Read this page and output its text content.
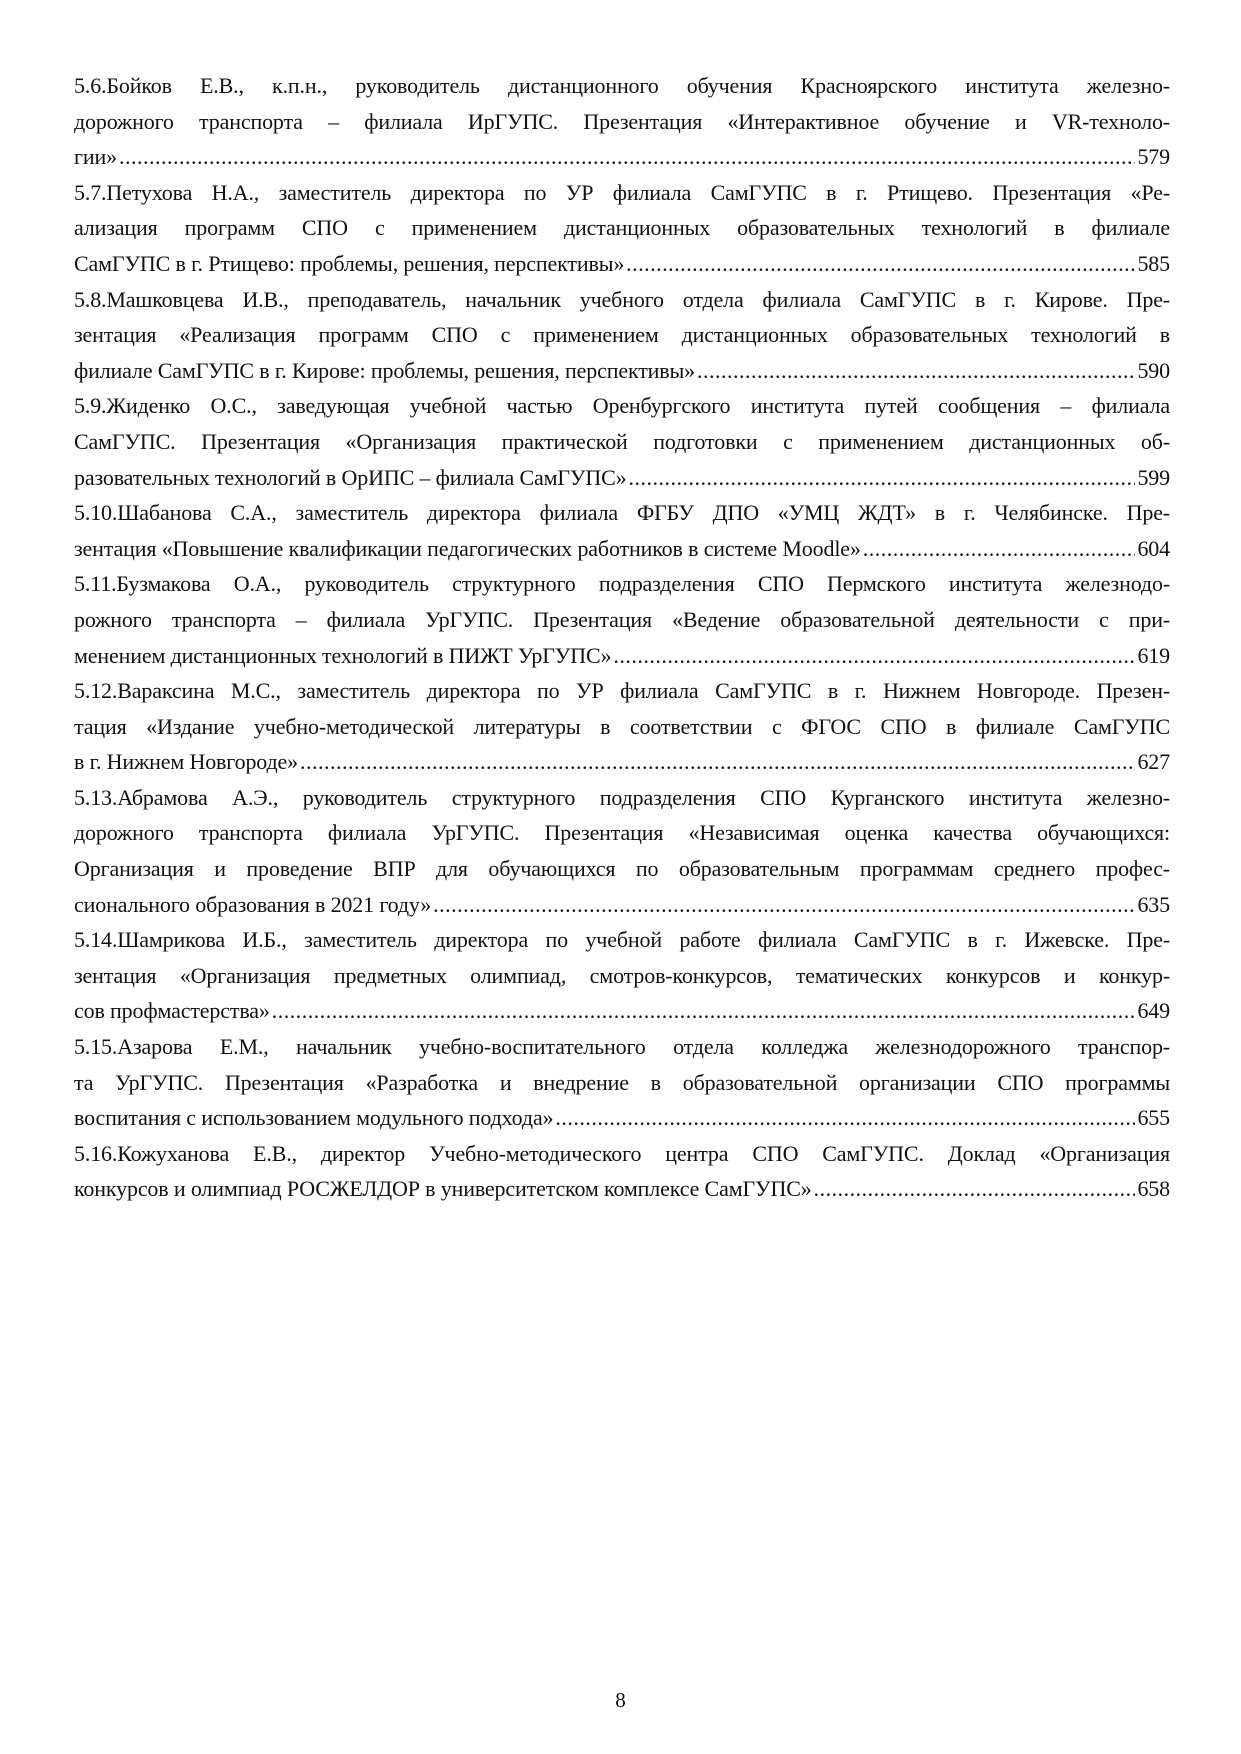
5.6.Бойков Е.В., к.п.н., руководитель дистанционного обучения Красноярского института железно-
дорожного транспорта – филиала ИрГУПС. Презентация «Интерактивное обучение и VR-техноло-
гии» .....	579
5.7.Петухова Н.А., заместитель директора по УР филиала СамГУПС в г. Ртищево. Презентация «Ре-
ализация программ СПО с применением дистанционных образовательных технологий в филиале
СамГУПС в г. Ртищево: проблемы, решения, перспективы» .....	585
5.8.Машковцева И.В., преподаватель, начальник учебного отдела филиала СамГУПС в г. Кирове. Пре-
зентация «Реализация программ СПО с применением дистанционных образовательных технологий в
филиале СамГУПС в г. Кирове: проблемы, решения, перспективы» .....	590
5.9.Жиденко О.С., заведующая учебной частью Оренбургского института путей сообщения – филиала
СамГУПС. Презентация «Организация практической подготовки с применением дистанционных об-
разовательных технологий в ОрИПС – филиала СамГУПС» .....	599
5.10.Шабанова С.А., заместитель директора филиала ФГБУ ДПО «УМЦ ЖДТ» в г. Челябинске. Пре-
зентация «Повышение квалификации педагогических работников в системе Moodle» .....	604
5.11.Бузмакова О.А., руководитель структурного подразделения СПО Пермского института железнодо-
рожного транспорта – филиала УрГУПС. Презентация «Ведение образовательной деятельности с при-
менением дистанционных технологий в ПИЖТ УрГУПС» .....	619
5.12.Вараксина М.С., заместитель директора по УР филиала СамГУПС в г. Нижнем Новгороде. Презен-
тация «Издание учебно-методической литературы в соответствии с ФГОС СПО в филиале СамГУПС
в г. Нижнем Новгороде» .....	627
5.13.Абрамова А.Э., руководитель структурного подразделения СПО Курганского института железно-
дорожного транспорта филиала УрГУПС. Презентация «Независимая оценка качества обучающихся:
Организация и проведение ВПР для обучающихся по образовательным программам среднего профес-
сионального образования в 2021 году» .....	635
5.14.Шамрикова И.Б., заместитель директора по учебной работе филиала СамГУПС в г. Ижевске. Пре-
зентация «Организация предметных олимпиад, смотров-конкурсов, тематических конкурсов и конкур-
сов профмастерства» .....	649
5.15.Азарова Е.М., начальник учебно-воспитательного отдела колледжа железнодорожного транспор-
та УрГУПС. Презентация «Разработка и внедрение в образовательной организации СПО программы
воспитания с использованием модульного подхода» .....	655
5.16.Кожуханова Е.В., директор Учебно-методического центра СПО СамГУПС. Доклад «Организация
конкурсов и олимпиад РОСЖЕЛДОР в университетском комплексе СамГУПС» .....	658
8
